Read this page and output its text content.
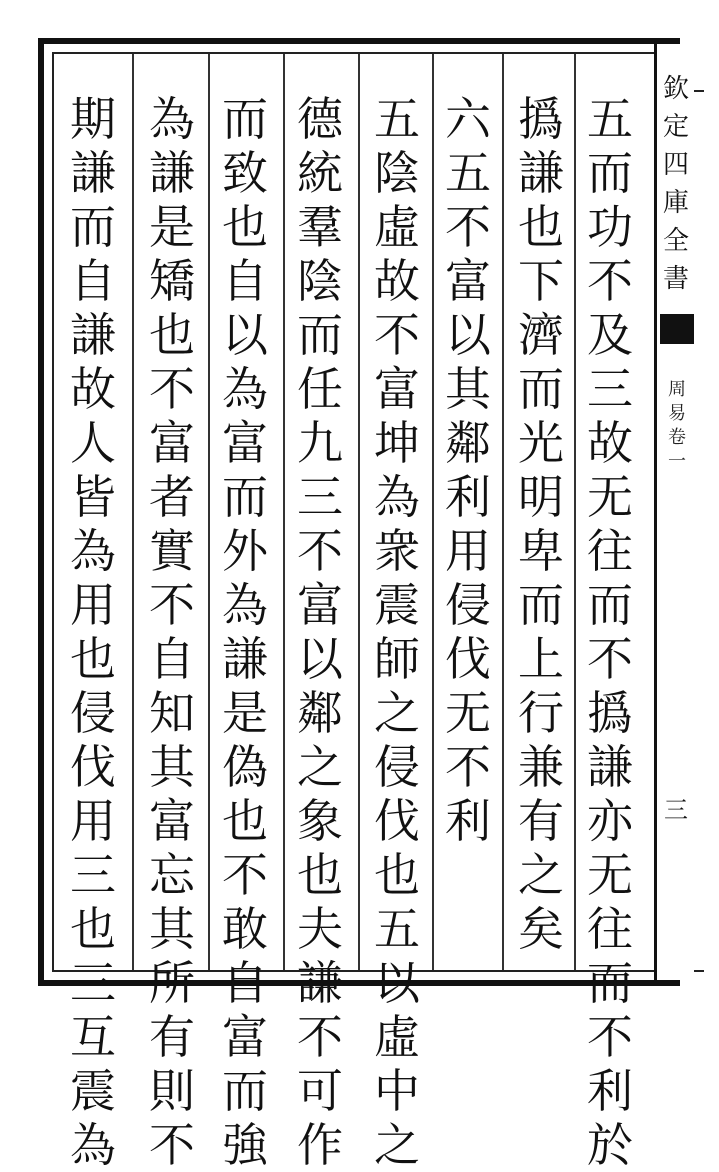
五
而
功
不
及
三
故
无
往
而
不
撝
謙
亦
无
往
而
不
利
於
撝
謙
也
下
濟
而
光
明
卑
而
上
行
兼
有
之
矣
六
五
不
富
以
其
鄰
利
用
侵
伐
无
不
利
五
陰
虛
故
不
富
坤
為
衆
震
師
之
侵
伐
也
五
以
虛
中
之
德
統
羣
陰
而
任
九
三
不
富
以
鄰
之
象
也
夫
謙
不
可
作
而
致
也
自
以
為
富
而
外
為
謙
是
偽
也
不
敢
自
富
而
強
為
謙
是
矯
也
不
富
者
實
不
自
知
其
富
忘
其
所
有
則
不
期
謙
而
自
謙
故
人
皆
為
用
也
侵
伐
用
三
也
三
互
震
為
欽
定
四
庫
全
書
周
易
卷
一
三
